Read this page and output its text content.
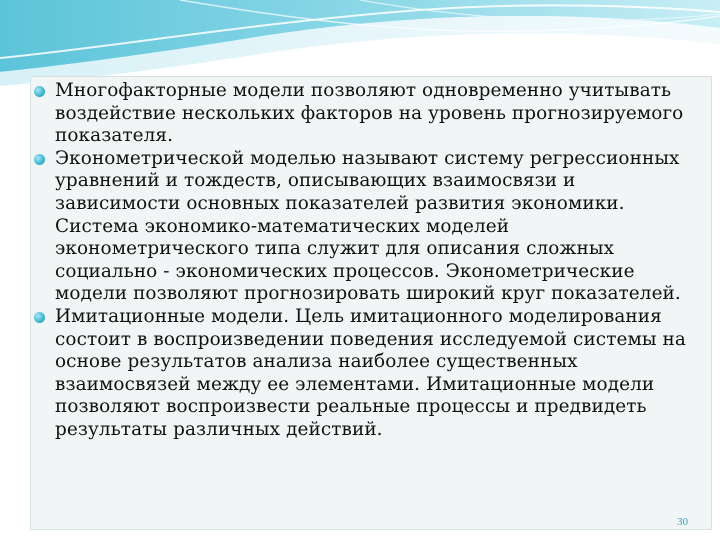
Многофакторные модели позволяют одновременно учитывать воздействие нескольких факторов на уровень прогнозируемого показателя.
Эконометрической моделью называют систему регрессионных уравнений и тождеств, описывающих взаимосвязи и зависимости основных показателей развития экономики. Система экономико-математических моделей эконометрического типа служит для описания сложных социально - экономических процессов. Эконометрические модели позволяют прогнозировать широкий круг показателей.
Имитационные модели. Цель имитационного моделирования состоит в воспроизведении поведения исследуемой системы на основе результатов анализа наиболее существенных взаимосвязей между ее элементами. Имитационные модели позволяют воспроизвести реальные процессы и предвидеть результаты различных действий.
30
